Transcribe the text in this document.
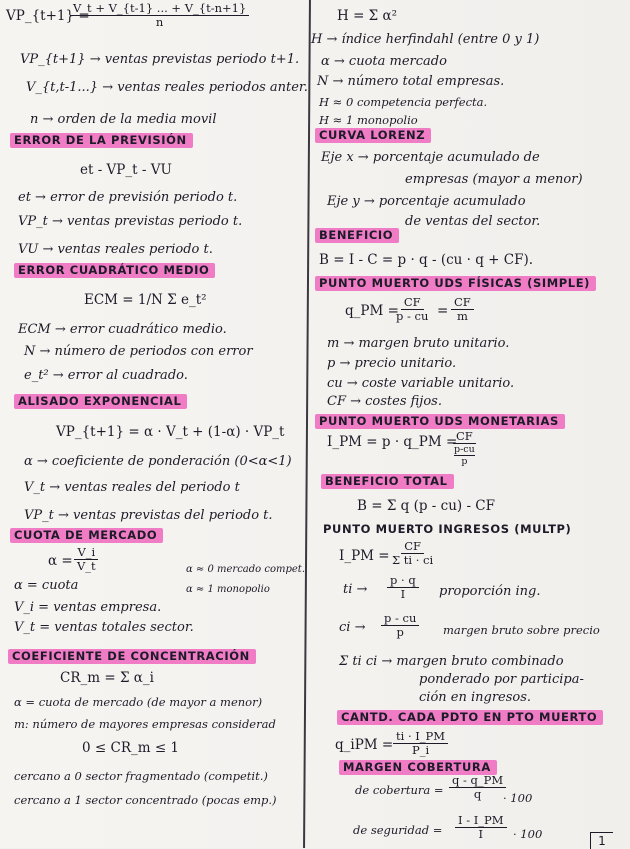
VP_{t+1} =
$\frac{V\_t + V\_\{t-1\} ... + V\_\{t-n+1\}}{n}$
VP_{t+1} → ventas previstas periodo t+1.
V_{t,t-1...} → ventas reales periodos anter.
n → orden de la media movil
ERROR DE LA PREVISIÓN
et - VP_t - VU
et → error de previsión periodo t.
VP_t → ventas previstas periodo t.
VU → ventas reales periodo t.
ERROR CUADRÁTICO MEDIO
ECM = 1/N Σ e_t²
ECM → error cuadrático medio.
N → número de periodos con error
e_t² → error al cuadrado.
ALISADO EXPONENCIAL
VP_{t+1} = α · V_t + (1-α) · VP_t
α → coeficiente de ponderación (0<α<1)
V_t → ventas reales del periodo t
VP_t → ventas previstas del periodo t.
CUOTA DE MERCADO
$\alpha = \frac{V\_i}{V\_t}$	α ≈ 0 mercado compet.
α ≈ 1 monopolio
α = cuota
V_i = ventas empresa.
V_t = ventas totales sector.
COEFICIENTE DE CONCENTRACIÓN
CR_m = Σ α_i
α = cuota de mercado (de mayor a menor)
m: número de mayores empresas considerad
0 ≤ CR_m ≤ 1
cercano a 0 sector fragmentado (competit.)
cercano a 1 sector concentrado (pocas emp.)
H = Σ α²
H → índice herfindahl (entre 0 y 1)
α → cuota mercado
N → número total empresas.
H ≈ 0 competencia perfecta.
H ≈ 1 monopolio
CURVA LORENZ
Eje x → porcentaje acumulado de
empresas (mayor a menor)
Eje y → porcentaje acumulado
de ventas del sector.
BENEFICIO
B = I - C = p · q - (cu · q + CF).
PUNTO MUERTO UDS FÍSICAS (SIMPLE)
q_PM =
$\frac{CF}{p - cu} = \frac{CF}{m}$
m → margen bruto unitario.
p → precio unitario.
cu → coste variable unitario.
CF → costes fijos.
PUNTO MUERTO UDS MONETARIAS
I_PM = p · q_PM =
$\frac{CF}{\frac{p-cu}{p}}$
BENEFICIO TOTAL
B = Σ q (p - cu) - CF
PUNTO MUERTO INGRESOS (MULTP)
I_PM = $\frac{CF}{\text{Σ ti · ci}}$
ti → $\frac{p \cdot q}{I}$ proporción ing.
ci → $\frac{p - cu}{p}$ margen bruto sobre precio
Σ ti ci → margen bruto combinado
ponderado por participa-
ción en ingresos.
CANTD. CADA PDTO EN PTO MUERTO
q_iPM = $\frac{ti \cdot I\_PM}{P\_i}$
MARGEN COBERTURA
de cobertura = $\frac{q - q\_PM}{q}$
· 100
de seguridad = $\frac{I - I\_PM}{I} \cdot 100$	1
